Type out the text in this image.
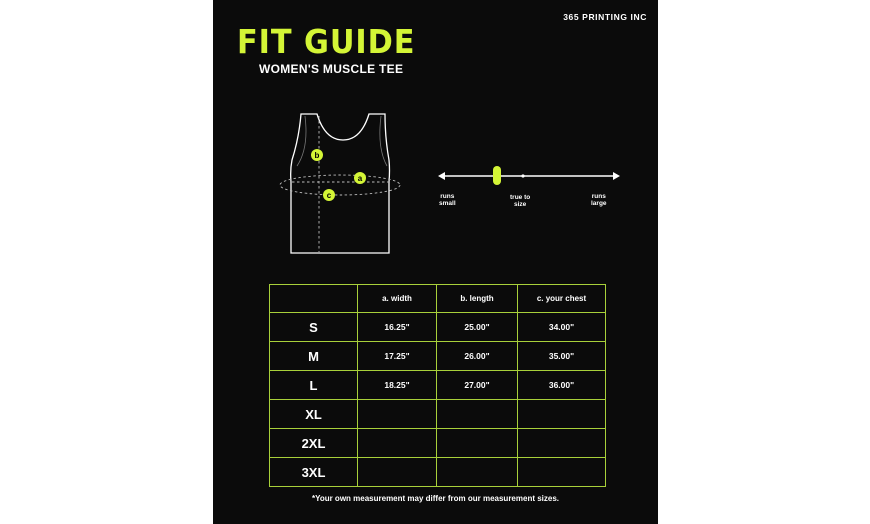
365 PRINTING INC
FIT GUIDE
WOMEN'S MUSCLE TEE
b
a
c	runs
small
true to
size
runs
large
	a. width	b. length	c. your chest
S	16.25"	25.00"	34.00"
M	17.25"	26.00"	35.00"
L	18.25"	27.00"	36.00"
XL			
2XL			
3XL			
*Your own measurement may differ from our measurement sizes.
